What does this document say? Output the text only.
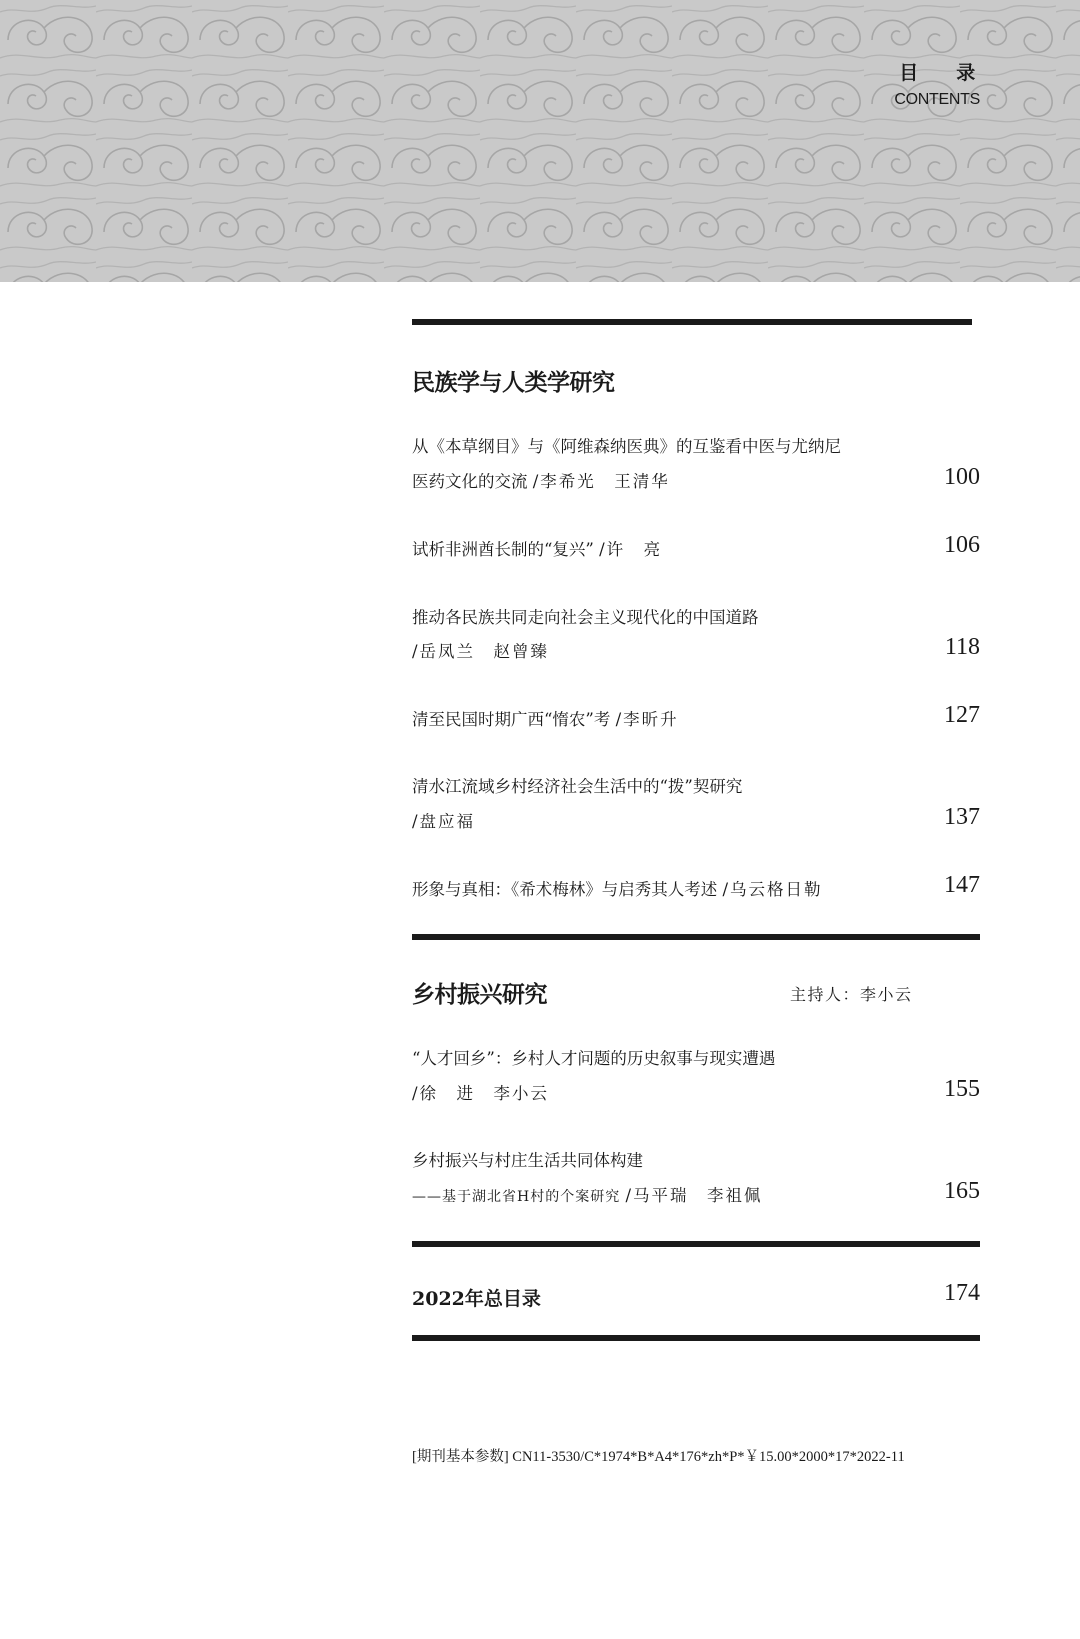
目录
CONTENTS
民族学与人类学研究
从《本草纲目》与《阿维森纳医典》的互鉴看中医与尤纳尼
医药文化的交流 /李希光　王清华	100
试析非洲酋长制的“复兴” /许　亮	106
推动各民族共同走向社会主义现代化的中国道路
/岳凤兰　赵曾臻	118
清至民国时期广西“惰农”考 /李昕升	127
清水江流域乡村经济社会生活中的“拨”契研究
/盘应福	137
形象与真相：《希术梅林》与启秀其人考述 /乌云格日勒	147
乡村振兴研究	主持人：李小云
“人才回乡”：乡村人才问题的历史叙事与现实遭遇
/徐　进　李小云	155
乡村振兴与村庄生活共同体构建
——基于湖北省H村的个案研究 /马平瑞　李祖佩	165
2022年总目录	174
[期刊基本参数] CN11-3530/C*1974*B*A4*176*zh*P*￥15.00*2000*17*2022-11
